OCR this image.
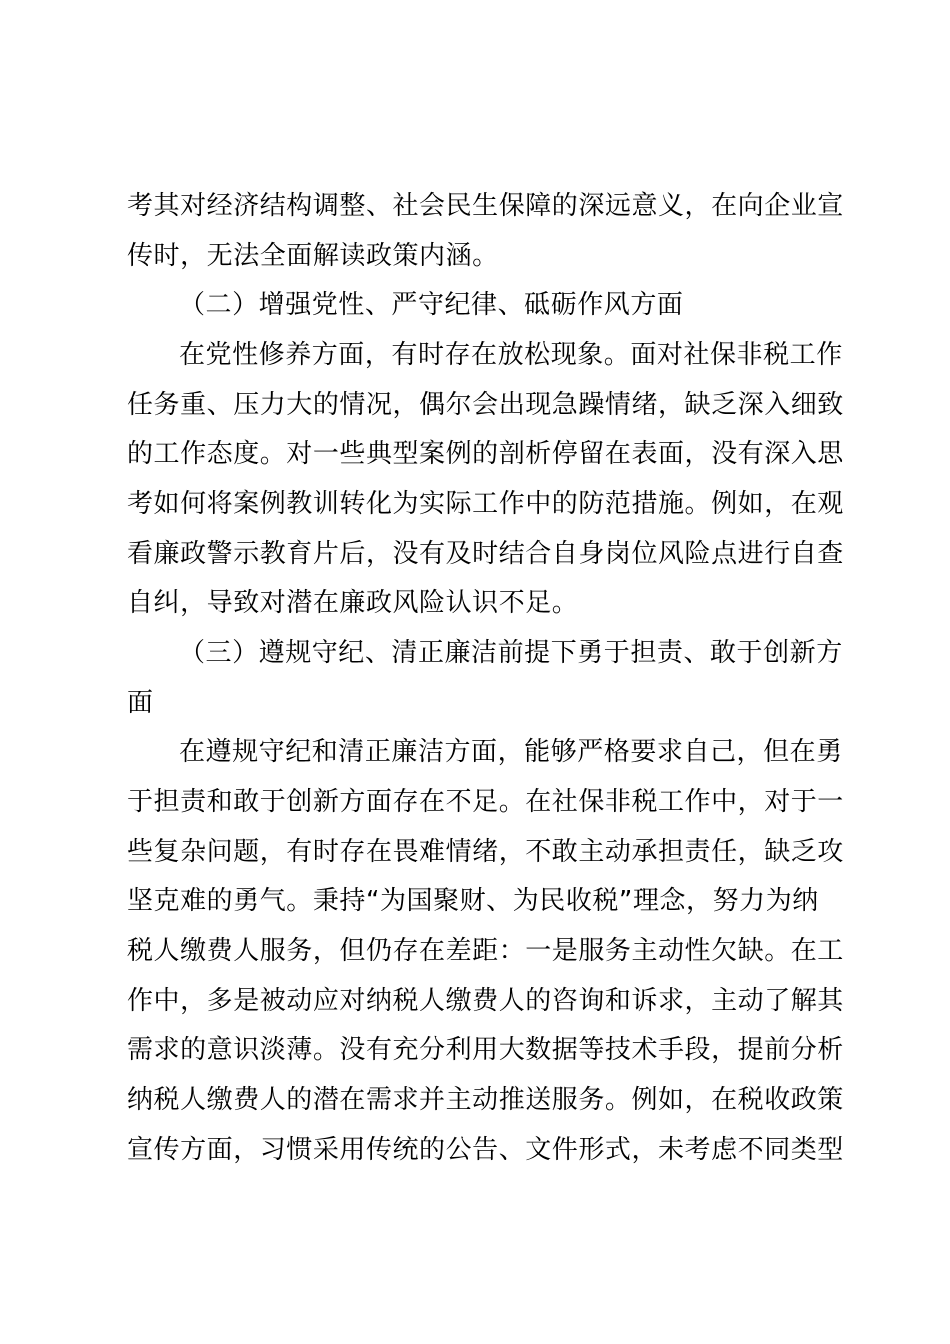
考其对经济结构调整、社会民生保障的深远意义，在向企业宣
传时，无法全面解读政策内涵。
（二）增强党性、严守纪律、砥砺作风方面
在党性修养方面，有时存在放松现象。面对社保非税工作
任务重、压力大的情况，偶尔会出现急躁情绪，缺乏深入细致
的工作态度。对一些典型案例的剖析停留在表面，没有深入思
考如何将案例教训转化为实际工作中的防范措施。例如，在观
看廉政警示教育片后，没有及时结合自身岗位风险点进行自查
自纠，导致对潜在廉政风险认识不足。
（三）遵规守纪、清正廉洁前提下勇于担责、敢于创新方
面
在遵规守纪和清正廉洁方面，能够严格要求自己，但在勇
于担责和敢于创新方面存在不足。在社保非税工作中，对于一
些复杂问题，有时存在畏难情绪，不敢主动承担责任，缺乏攻
坚克难的勇气。秉持“为国聚财、为民收税”理念，努力为纳
税人缴费人服务，但仍存在差距：一是服务主动性欠缺。在工
作中，多是被动应对纳税人缴费人的咨询和诉求，主动了解其
需求的意识淡薄。没有充分利用大数据等技术手段，提前分析
纳税人缴费人的潜在需求并主动推送服务。例如，在税收政策
宣传方面，习惯采用传统的公告、文件形式，未考虑不同类型
